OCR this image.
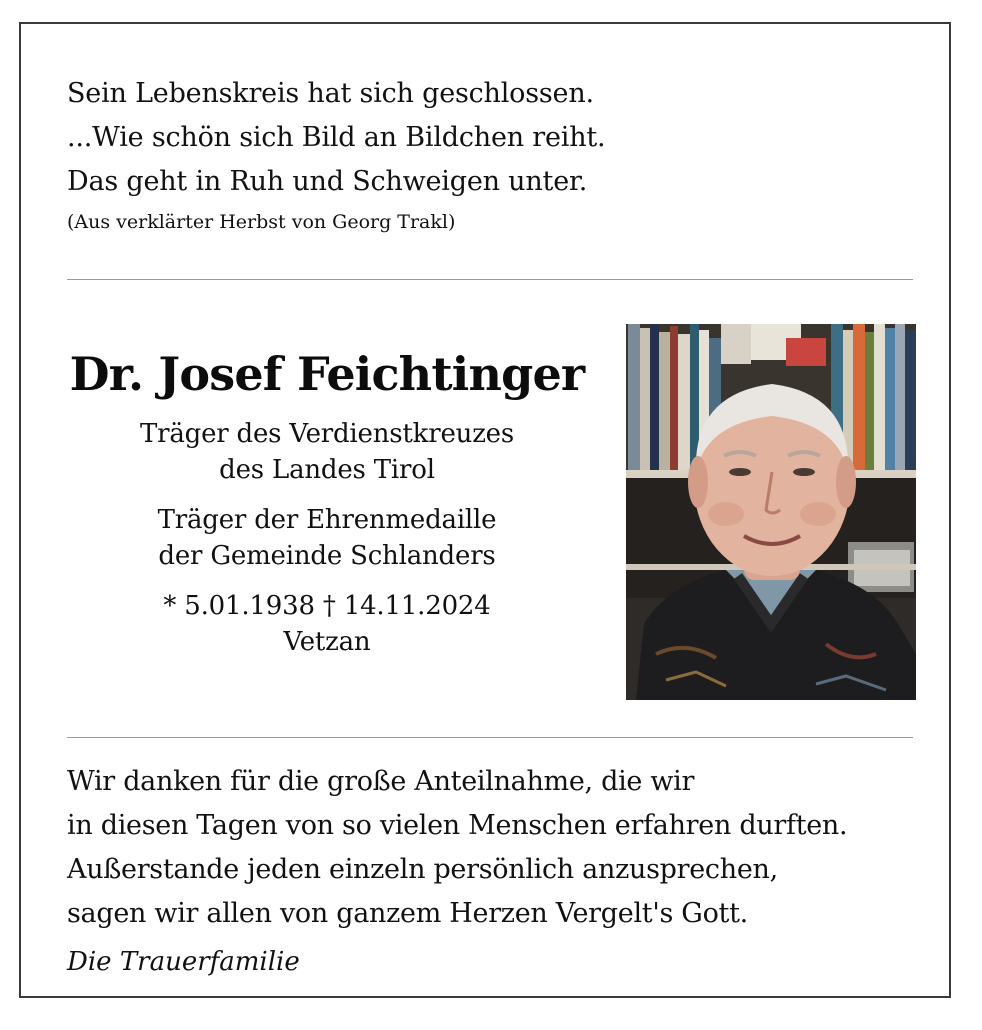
Sein Lebenskreis hat sich geschlossen.
...Wie schön sich Bild an Bildchen reiht.
Das geht in Ruh und Schweigen unter.
(Aus verklärter Herbst von Georg Trakl)
Dr. Josef Feichtinger
Träger des Verdienstkreuzes
des Landes Tirol
Träger der Ehrenmedaille
der Gemeinde Schlanders
* 5.01.1938 † 14.11.2024
Vetzan
Wir danken für die große Anteilnahme, die wir
in diesen Tagen von so vielen Menschen erfahren durften.
Außerstande jeden einzeln persönlich anzusprechen,
sagen wir allen von ganzem Herzen Vergelt's Gott.
Die Trauerfamilie
